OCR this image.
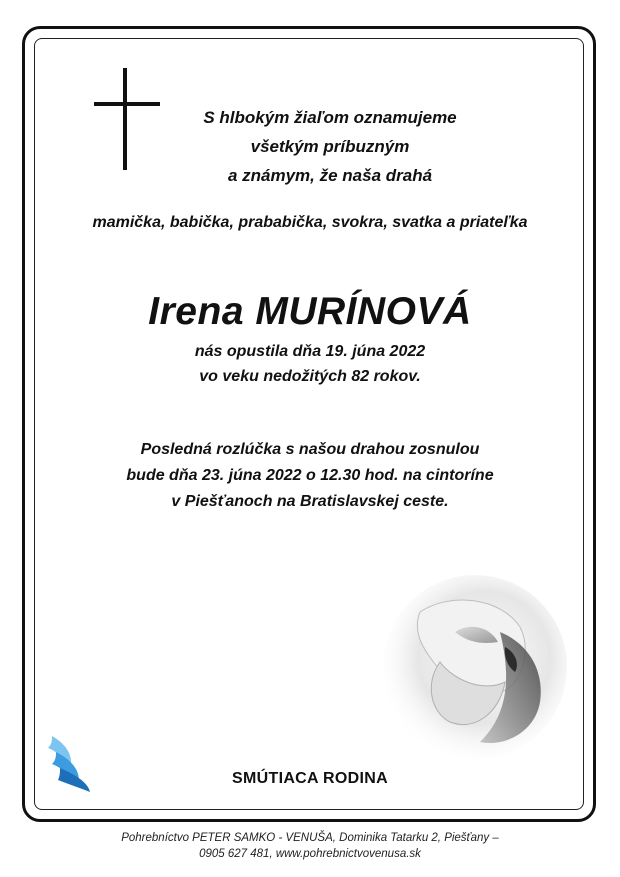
S hlbokým žiaľom oznamujeme
všetkým príbuzným
a známym, že naša drahá
mamička, babička, prababička, svokra, svatka a priateľka
Irena MURÍNOVÁ
nás opustila dňa 19. júna 2022
vo veku nedožitých 82 rokov.
Posledná rozlúčka s našou drahou zosnulou
bude dňa 23. júna 2022 o 12.30 hod. na cintoríne
v Piešťanoch na Bratislavskej ceste.
SMÚTIACA RODINA
Pohrebníctvo PETER SAMKO - VENUŠA, Dominika Tatarku 2, Piešťany –
0905 627 481, www.pohrebnictvovenusa.sk
